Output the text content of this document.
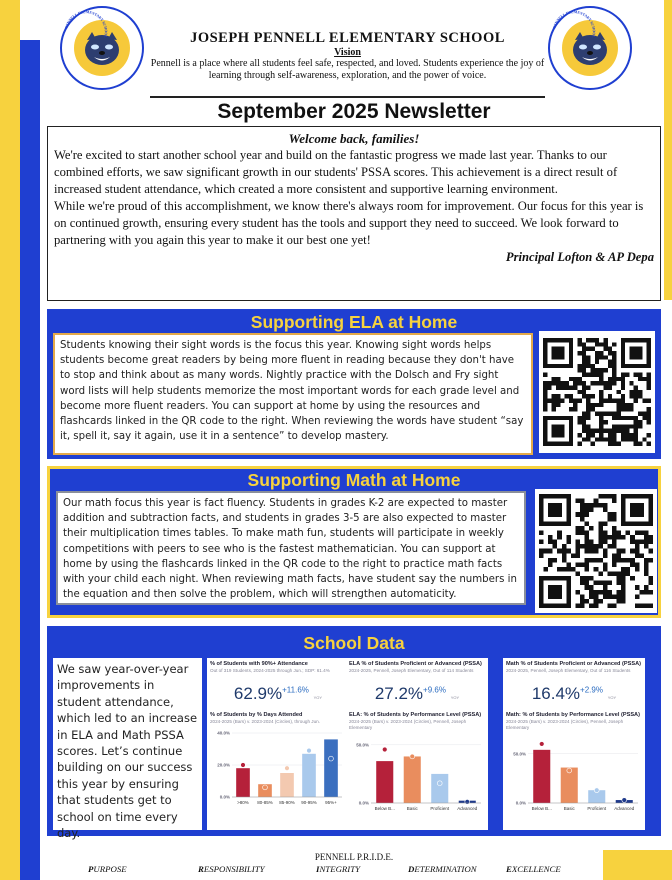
PENNELL ELEMENTARY SCHOOL
PENNELL ELEMENTARY SCHOOL
JOSEPH PENNELL ELEMENTARY SCHOOL
Vision
Pennell is a place where all students feel safe, respected, and loved. Students experience the joy of learning through self-awareness, exploration, and the power of voice.
September 2025 Newsletter
Welcome back, families!
We're excited to start another school year and build on the fantastic progress we made last year. Thanks to our combined efforts, we saw significant growth in our students' PSSA scores. This achievement is a direct result of increased student attendance, which created a more consistent and supportive learning environment.
While we're proud of this accomplishment, we know there's always room for improvement. Our focus for this year is on continued growth, ensuring every student has the tools and support they need to succeed. We look forward to partnering with you again this year to make it our best one yet!
Principal Lofton & AP Depa
Supporting ELA at Home
Students knowing their sight words is the focus this year. Knowing sight words helps students become great readers by being more fluent in reading because they don't have to stop and think about as many words. Nightly practice with the Dolsch and Fry sight word lists will help students memorize the most important words for each grade level and become more fluent readers. You can support at home by using the resources and flashcards linked in the QR code to the right. When reviewing the words have student “say it, spell it, say it again, use it in a sentence” to develop mastery.
Supporting Math at Home
Our math focus this year is fact fluency. Students in grades K-2 are expected to master addition and subtraction facts, and students in grades 3-5 are also expected to master their multiplication times tables. To make math fun, students will participate in weekly competitions with peers to see who is the fastest mathematician. You can support at home by using the flashcards linked in the QR code to the right to practice math facts with your child each night. When reviewing math facts, have student say the numbers in the equation and then solve the problem, which will strengthen automaticity.
School Data
We saw year-over-year improvements in student attendance, which led to an increase in ELA and Math PSSA scores. Let’s continue building on our success this year by ensuring that students get to school on time every day.
% of Students with 90%+ Attendance
Out of 319 Students, 2024-2025 through Jun.; SDP: 61.4%
62.9%$^{+11.6\%}$ YOY
% of Students by % Days Attended
2024-2025 (Bars) v. 2023-2024 (Circles), through Jun.
0.0%
20.0%
40.0%
>80% 80-85% 85-90% 90-95% 95%+
ELA % of Students Proficient or Advanced (PSSA)
2024-2025, Pennell, Joseph Elementary, Out of 114 Students
27.2%$^{+9.6\%}$ YOY
ELA: % of Students by Performance Level (PSSA)
2024-2025 (Bars) v. 2023-2024 (Circles), Pennell, Joseph Elementary
0.0%
50.0%
Below B...	Basic	Proficient Advanced
Math % of Students Proficient or Advanced (PSSA)
2024-2025, Pennell, Joseph Elementary, Out of 116 Students
16.4%$^{+2.9\%}$ YOY
Math: % of Students by Performance Level (PSSA)
2024-2025 (Bars) v. 2023-2024 (Circles), Pennell, Joseph Elementary
0.0%
50.0%
Below B...	Basic	Proficient Advanced
PENNELL P.R.I.D.E.
PURPOSE	RESPONSIBILITY	INTEGRITY	DETERMINATION	EXCELLENCE
